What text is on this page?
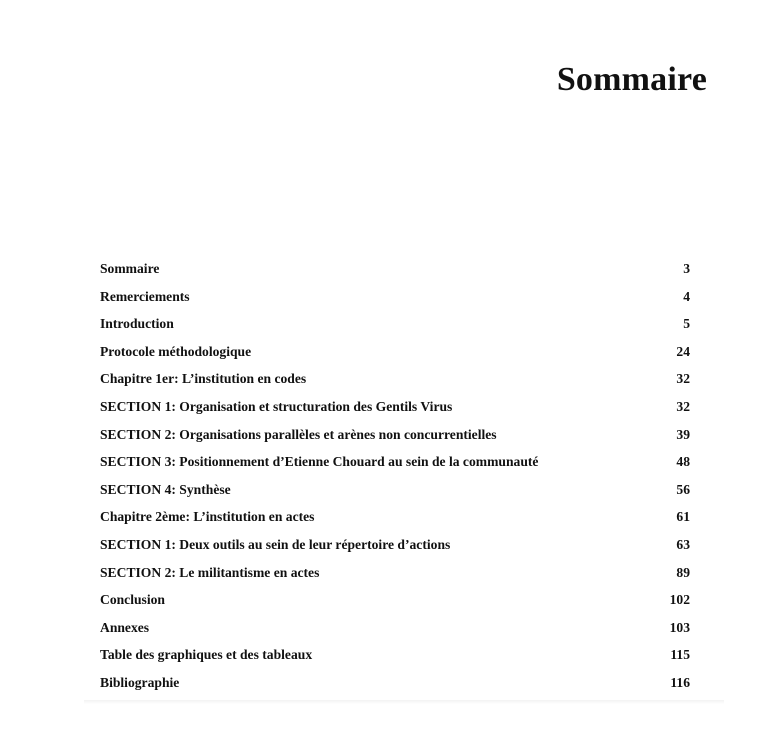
Sommaire
Sommaire	3
Remerciements	4
Introduction	5
Protocole méthodologique	24
Chapitre 1er: L’institution en codes	32
SECTION 1: Organisation et structuration des Gentils Virus	32
SECTION 2: Organisations parallèles et arènes non concurrentielles	39
SECTION 3: Positionnement d’Etienne Chouard au sein de la communauté	48
SECTION 4: Synthèse	56
Chapitre 2ème: L’institution en actes	61
SECTION 1: Deux outils au sein de leur répertoire d’actions	63
SECTION 2: Le militantisme en actes	89
Conclusion	102
Annexes	103
Table des graphiques et des tableaux	115
Bibliographie	116
